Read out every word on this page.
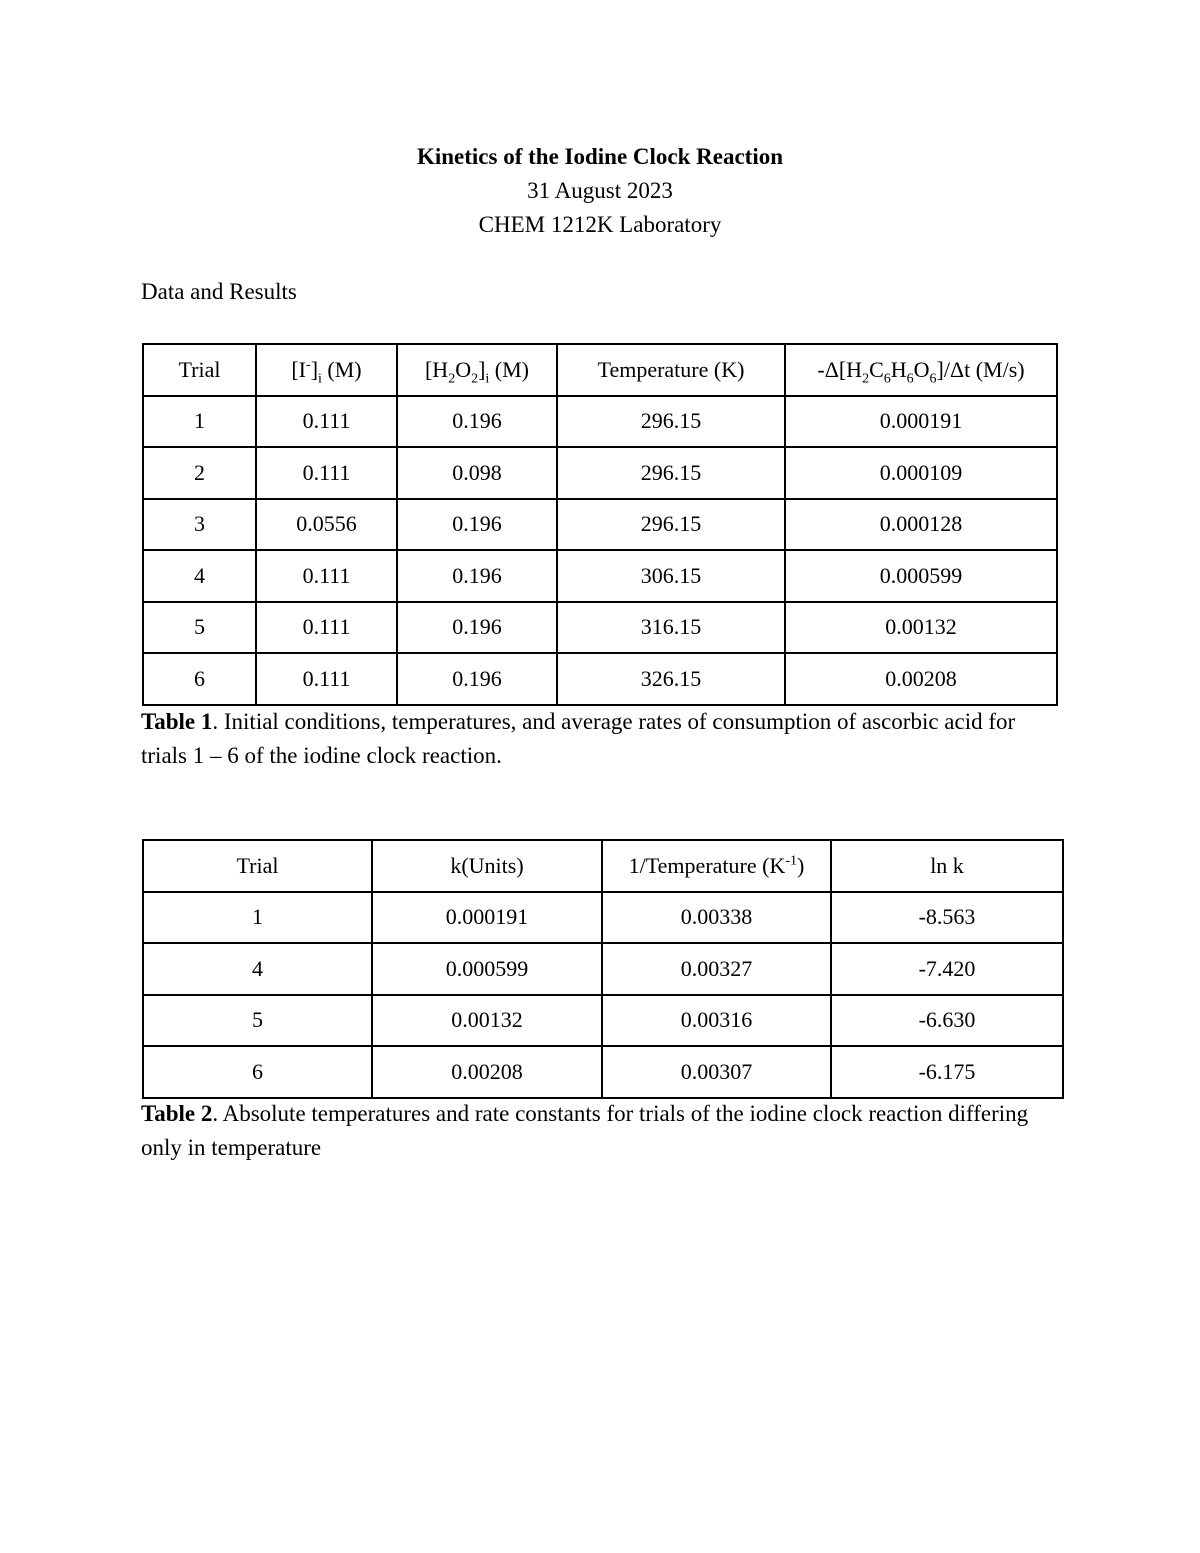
Kinetics of the Iodine Clock Reaction
31 August 2023
CHEM 1212K Laboratory
Data and Results
Trial	$[I^-]_i$ (M)	$[H_2O_2]_i$ (M)	Temperature (K)	$-\Delta[H_2C_6H_6O_6]/\Delta t$ (M/s)
1	0.111	0.196	296.15	0.000191
2	0.111	0.098	296.15	0.000109
3	0.0556	0.196	296.15	0.000128
4	0.111	0.196	306.15	0.000599
5	0.111	0.196	316.15	0.00132
6	0.111	0.196	326.15	0.00208
Table 1. Initial conditions, temperatures, and average rates of consumption of ascorbic acid for trials 1 – 6 of the iodine clock reaction.
Trial	k(Units)	1/Temperature $(K^{-1})$	ln k
1	0.000191	0.00338	-8.563
4	0.000599	0.00327	-7.420
5	0.00132	0.00316	-6.630
6	0.00208	0.00307	-6.175
Table 2. Absolute temperatures and rate constants for trials of the iodine clock reaction differing only in temperature
